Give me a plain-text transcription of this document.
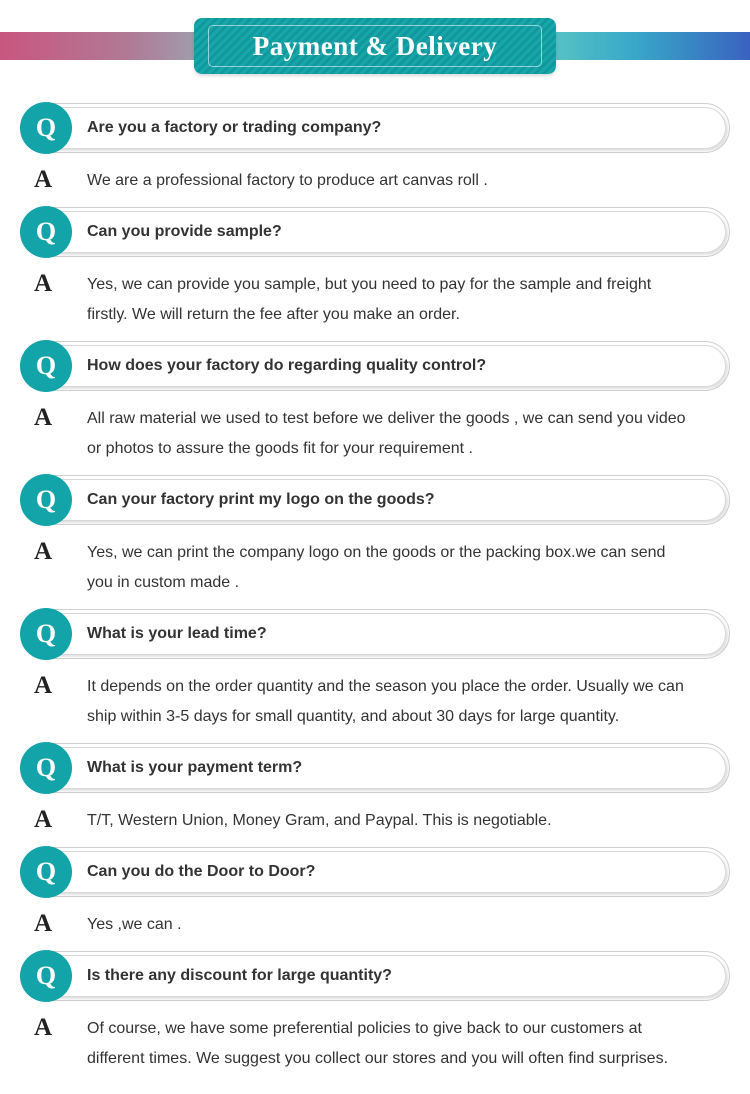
Payment & Delivery
Q Are you a factory or trading company?
A We are a professional factory to produce art canvas roll .
Q Can you provide sample?
A Yes, we can provide you sample, but you need to pay for the sample and freight
firstly. We will return the fee after you make an order.
Q How does your factory do regarding quality control?
A All raw material we used to test before we deliver the goods , we can send you video
or photos to assure the goods fit for your requirement .
Q Can your factory print my logo on the goods?
A Yes, we can print the company logo on the goods or the packing box.we can send
you in custom made .
Q What is your lead time?
A It depends on the order quantity and the season you place the order. Usually we can
ship within 3-5 days for small quantity, and about 30 days for large quantity.
Q What is your payment term?
A T/T, Western Union, Money Gram, and Paypal. This is negotiable.
Q Can you do the Door to Door?
A Yes ,we can .
Q Is there any discount for large quantity?
A Of course, we have some preferential policies to give back to our customers at
different times. We suggest you collect our stores and you will often find surprises.
